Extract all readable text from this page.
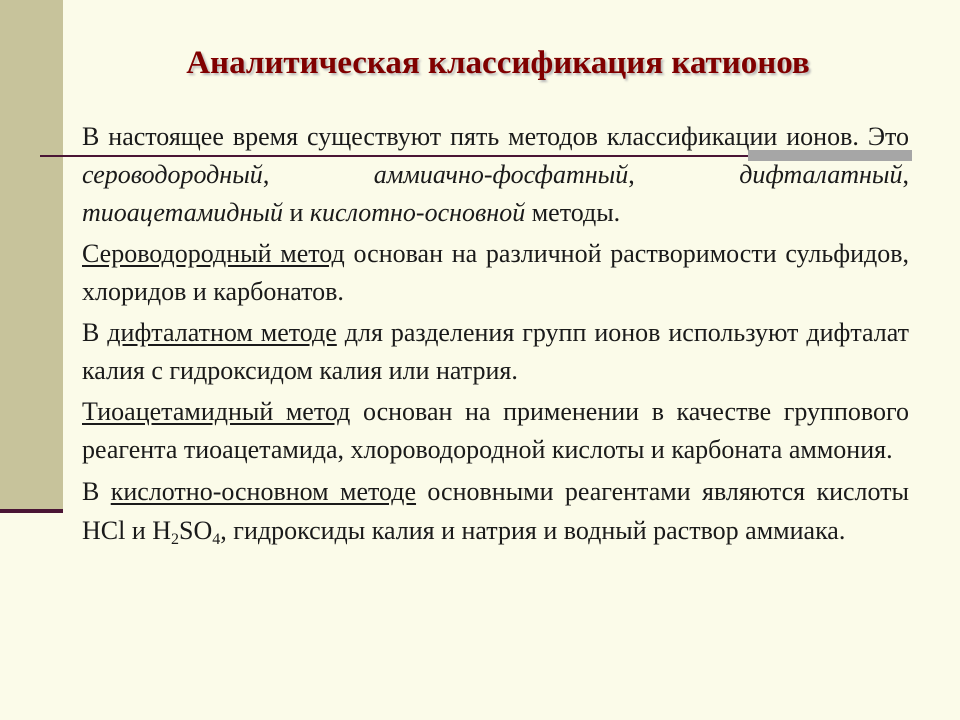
Аналитическая классификация катионов

В настоящее время существуют пять методов классификации ионов. Это сероводородный, аммиачно-фосфатный, дифталатный, тиоацетамидный и кислотно-основной методы.

Сероводородный метод основан на различной растворимости сульфидов, хлоридов и карбонатов.

В дифталатном методе для разделения групп ионов используют дифталат калия с гидроксидом калия или натрия.

Тиоацетамидный метод основан на применении в качестве группового реагента тиоацетамида, хлороводородной кислоты и карбоната аммония.

В кислотно-основном методе основными реагентами являются кислоты HCl и $H_2SO_4$, гидроксиды калия и натрия и водный раствор аммиака.
